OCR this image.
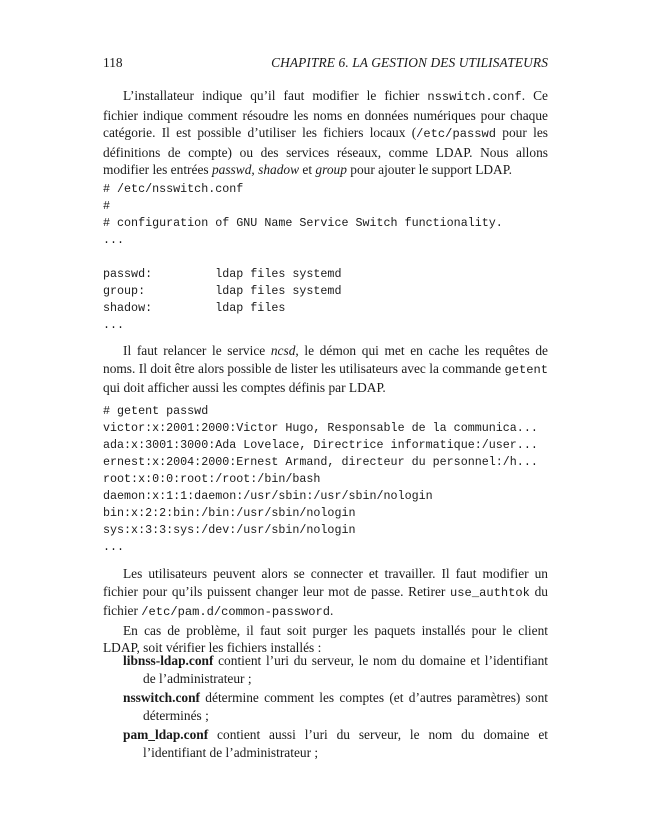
118	CHAPITRE 6. LA GESTION DES UTILISATEURS

L’installateur indique qu’il faut modifier le fichier nsswitch.conf. Ce fichier indique comment résoudre les noms en données numériques pour chaque catégorie. Il est possible d’utiliser les fichiers locaux (/etc/passwd pour les définitions de compte) ou des services réseaux, comme LDAP. Nous allons modifier les entrées passwd, shadow et group pour ajouter le support LDAP.

# /etc/nsswitch.conf
#
# configuration of GNU Name Service Switch functionality.
...

passwd:         ldap files systemd
group:          ldap files systemd
shadow:         ldap files
...

Il faut relancer le service ncsd, le démon qui met en cache les requêtes de noms. Il doit être alors possible de lister les utilisateurs avec la commande getent qui doit afficher aussi les comptes définis par LDAP.

# getent passwd
victor:x:2001:2000:Victor Hugo, Responsable de la communica...
ada:x:3001:3000:Ada Lovelace, Directrice informatique:/user...
ernest:x:2004:2000:Ernest Armand, directeur du personnel:/h...
root:x:0:0:root:/root:/bin/bash
daemon:x:1:1:daemon:/usr/sbin:/usr/sbin/nologin
bin:x:2:2:bin:/bin:/usr/sbin/nologin
sys:x:3:3:sys:/dev:/usr/sbin/nologin
...

Les utilisateurs peuvent alors se connecter et travailler. Il faut modifier un fichier pour qu’ils puissent changer leur mot de passe. Retirer use_authtok du fichier /etc/pam.d/common-password.

En cas de problème, il faut soit purger les paquets installés pour le client LDAP, soit vérifier les fichiers installés :

libnss-ldap.conf contient l’uri du serveur, le nom du domaine et l’identifiant de l’administrateur ;
nsswitch.conf détermine comment les comptes (et d’autres paramètres) sont déterminés ;
pam_ldap.conf contient aussi l’uri du serveur, le nom du domaine et l’identifiant de l’administrateur ;
